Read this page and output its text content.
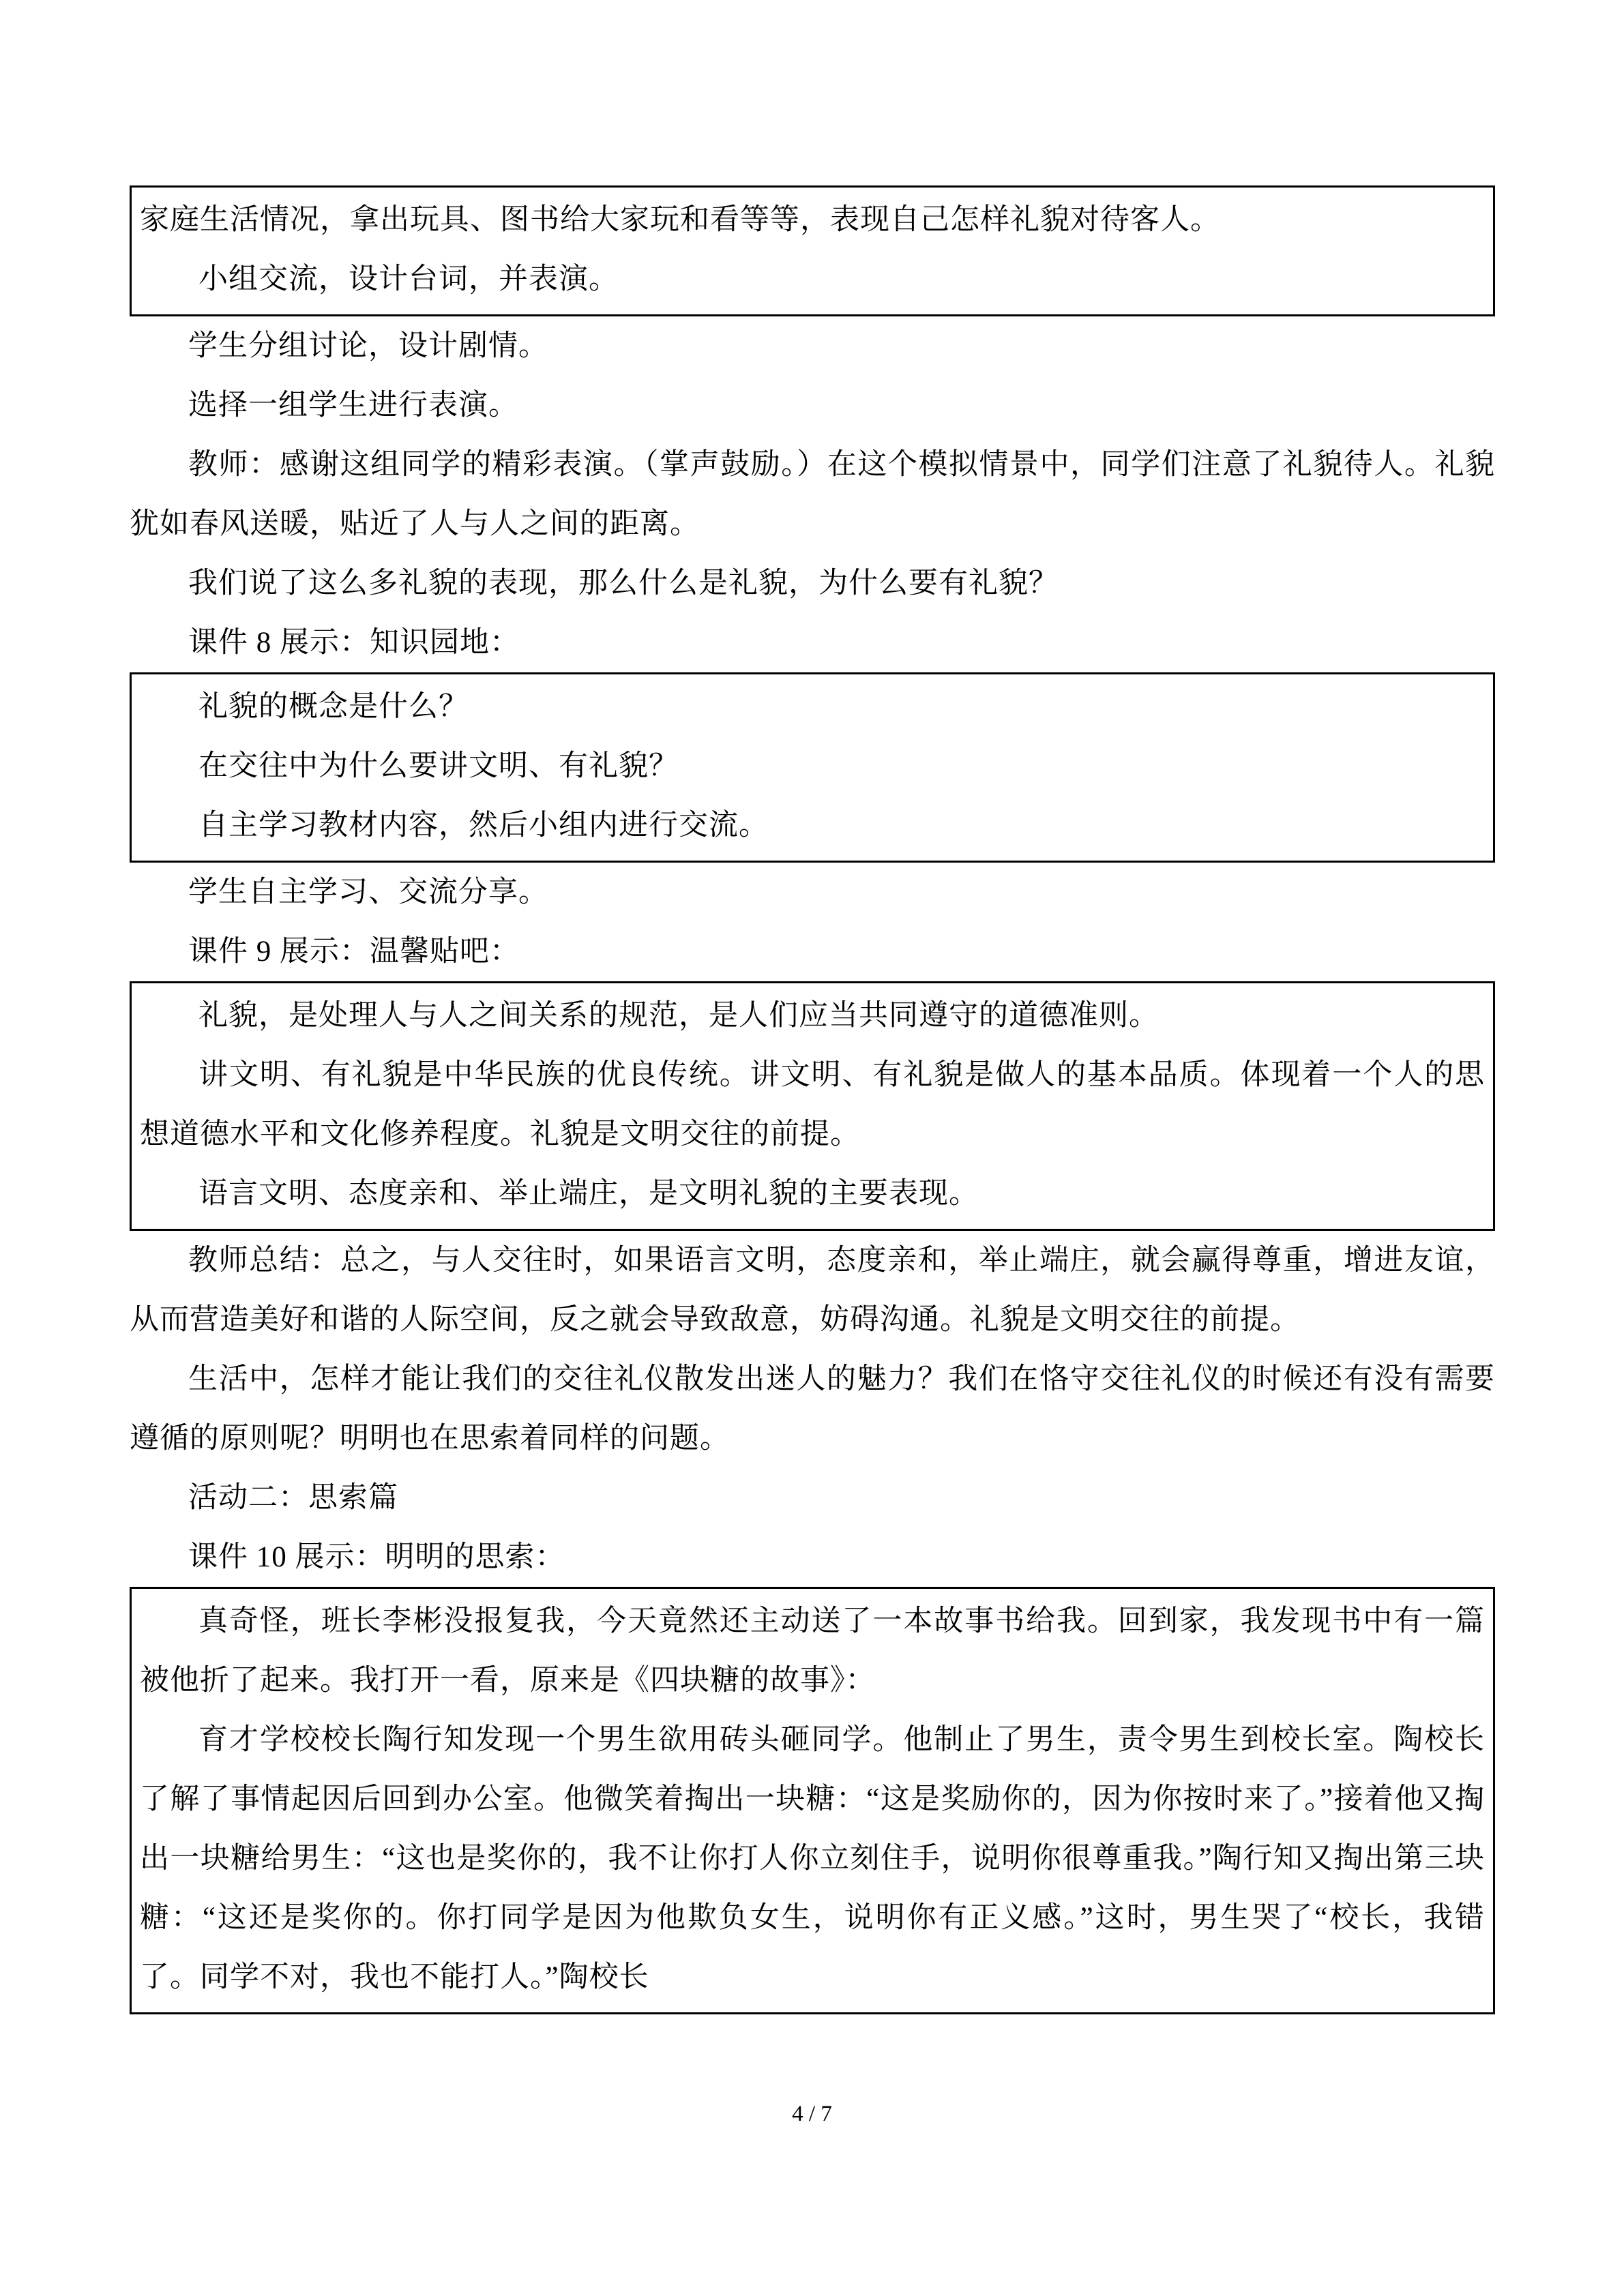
家庭生活情况，拿出玩具、图书给大家玩和看等等，表现自己怎样礼貌对待客人。

小组交流，设计台词，并表演。

学生分组讨论，设计剧情。

选择一组学生进行表演。

教师：感谢这组同学的精彩表演。（掌声鼓励。）在这个模拟情景中，同学们注意了礼貌待人。礼貌犹如春风送暖，贴近了人与人之间的距离。

我们说了这么多礼貌的表现，那么什么是礼貌，为什么要有礼貌？

课件 8 展示：知识园地：

礼貌的概念是什么？

在交往中为什么要讲文明、有礼貌？

自主学习教材内容，然后小组内进行交流。

学生自主学习、交流分享。

课件 9 展示：温馨贴吧：

礼貌，是处理人与人之间关系的规范，是人们应当共同遵守的道德准则。

讲文明、有礼貌是中华民族的优良传统。讲文明、有礼貌是做人的基本品质。体现着一个人的思想道德水平和文化修养程度。礼貌是文明交往的前提。

语言文明、态度亲和、举止端庄，是文明礼貌的主要表现。

教师总结：总之，与人交往时，如果语言文明，态度亲和，举止端庄，就会赢得尊重，增进友谊，从而营造美好和谐的人际空间，反之就会导致敌意，妨碍沟通。礼貌是文明交往的前提。

生活中，怎样才能让我们的交往礼仪散发出迷人的魅力？我们在恪守交往礼仪的时候还有没有需要遵循的原则呢？明明也在思索着同样的问题。

活动二：思索篇

课件 10 展示：明明的思索：

真奇怪，班长李彬没报复我，今天竟然还主动送了一本故事书给我。回到家，我发现书中有一篇被他折了起来。我打开一看，原来是《四块糖的故事》：

育才学校校长陶行知发现一个男生欲用砖头砸同学。他制止了男生，责令男生到校长室。陶校长了解了事情起因后回到办公室。他微笑着掏出一块糖：“这是奖励你的，因为你按时来了。”接着他又掏出一块糖给男生：“这也是奖你的，我不让你打人你立刻住手，说明你很尊重我。”陶行知又掏出第三块糖：“这还是奖你的。你打同学是因为他欺负女生，说明你有正义感。”这时，男生哭了“校长，我错了。同学不对，我也不能打人。”陶校长

4 / 7
